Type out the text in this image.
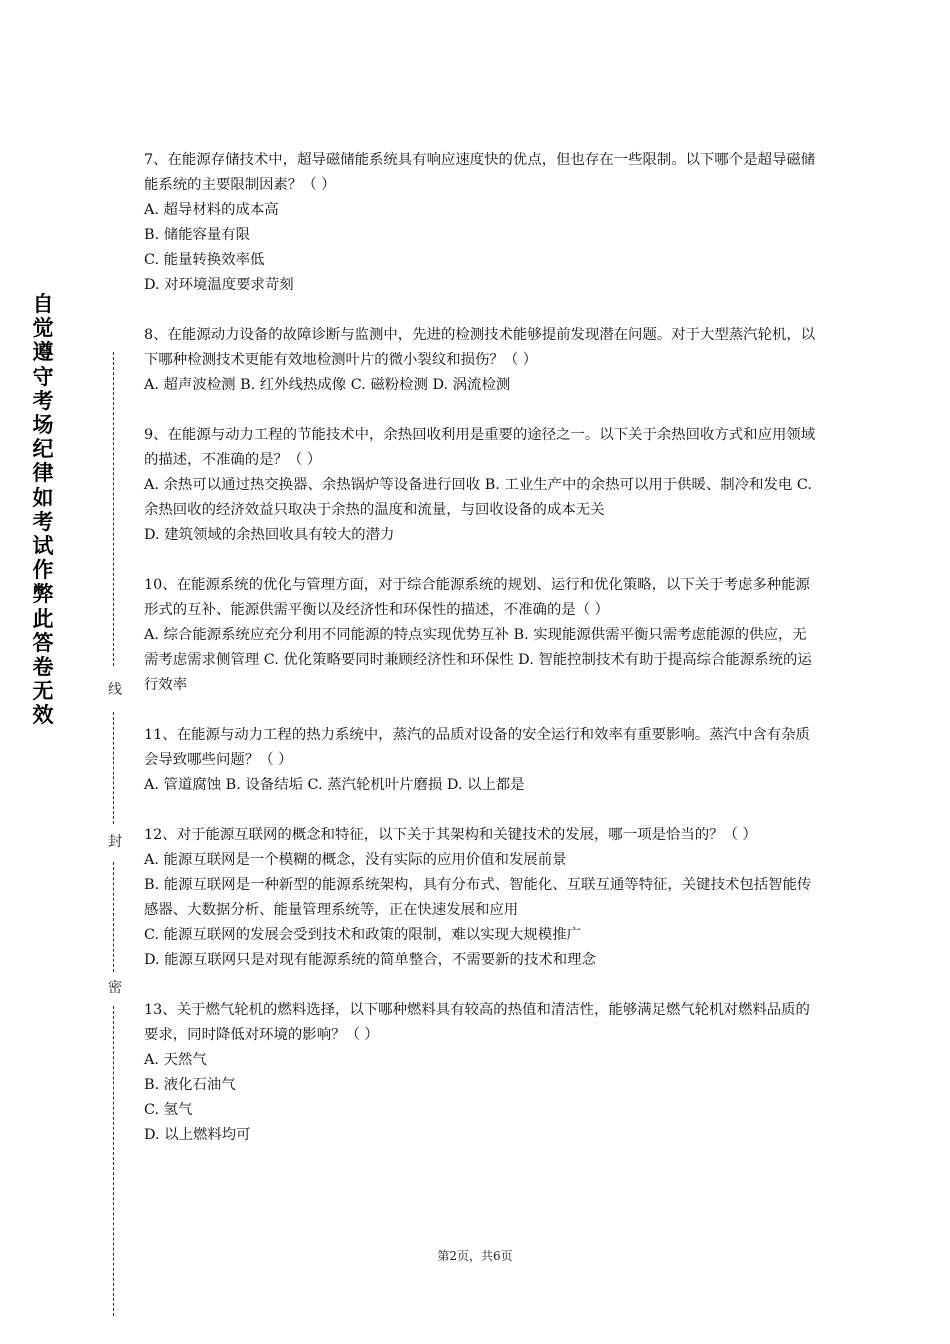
自觉遵守考场纪律如考试作弊此答卷无效
线
封
密

7、在能源存储技术中，超导磁储能系统具有响应速度快的优点，但也存在一些限制。以下哪个是超导磁储能系统的主要限制因素？（ ）

A. 超导材料的成本高

B. 储能容量有限

C. 能量转换效率低

D. 对环境温度要求苛刻

8、在能源动力设备的故障诊断与监测中，先进的检测技术能够提前发现潜在问题。对于大型蒸汽轮机，以下哪种检测技术更能有效地检测叶片的微小裂纹和损伤？（ ）

A. 超声波检测 B. 红外线热成像 C. 磁粉检测 D. 涡流检测

9、在能源与动力工程的节能技术中，余热回收利用是重要的途径之一。以下关于余热回收方式和应用领域的描述，不准确的是？（ ）

A. 余热可以通过热交换器、余热锅炉等设备进行回收 B. 工业生产中的余热可以用于供暖、制冷和发电 C. 余热回收的经济效益只取决于余热的温度和流量，与回收设备的成本无关

D. 建筑领域的余热回收具有较大的潜力

10、在能源系统的优化与管理方面，对于综合能源系统的规划、运行和优化策略，以下关于考虑多种能源形式的互补、能源供需平衡以及经济性和环保性的描述，不准确的是（ ）

A. 综合能源系统应充分利用不同能源的特点实现优势互补 B. 实现能源供需平衡只需考虑能源的供应，无需考虑需求侧管理 C. 优化策略要同时兼顾经济性和环保性 D. 智能控制技术有助于提高综合能源系统的运行效率

11、在能源与动力工程的热力系统中，蒸汽的品质对设备的安全运行和效率有重要影响。蒸汽中含有杂质会导致哪些问题？（ ）

A. 管道腐蚀 B. 设备结垢 C. 蒸汽轮机叶片磨损 D. 以上都是

12、对于能源互联网的概念和特征，以下关于其架构和关键技术的发展，哪一项是恰当的？（ ）

A. 能源互联网是一个模糊的概念，没有实际的应用价值和发展前景

B. 能源互联网是一种新型的能源系统架构，具有分布式、智能化、互联互通等特征，关键技术包括智能传感器、大数据分析、能量管理系统等，正在快速发展和应用

C. 能源互联网的发展会受到技术和政策的限制，难以实现大规模推广

D. 能源互联网只是对现有能源系统的简单整合，不需要新的技术和理念

13、关于燃气轮机的燃料选择，以下哪种燃料具有较高的热值和清洁性，能够满足燃气轮机对燃料品质的要求，同时降低对环境的影响？（ ）

A. 天然气

B. 液化石油气

C. 氢气

D. 以上燃料均可

第2页，共6页
